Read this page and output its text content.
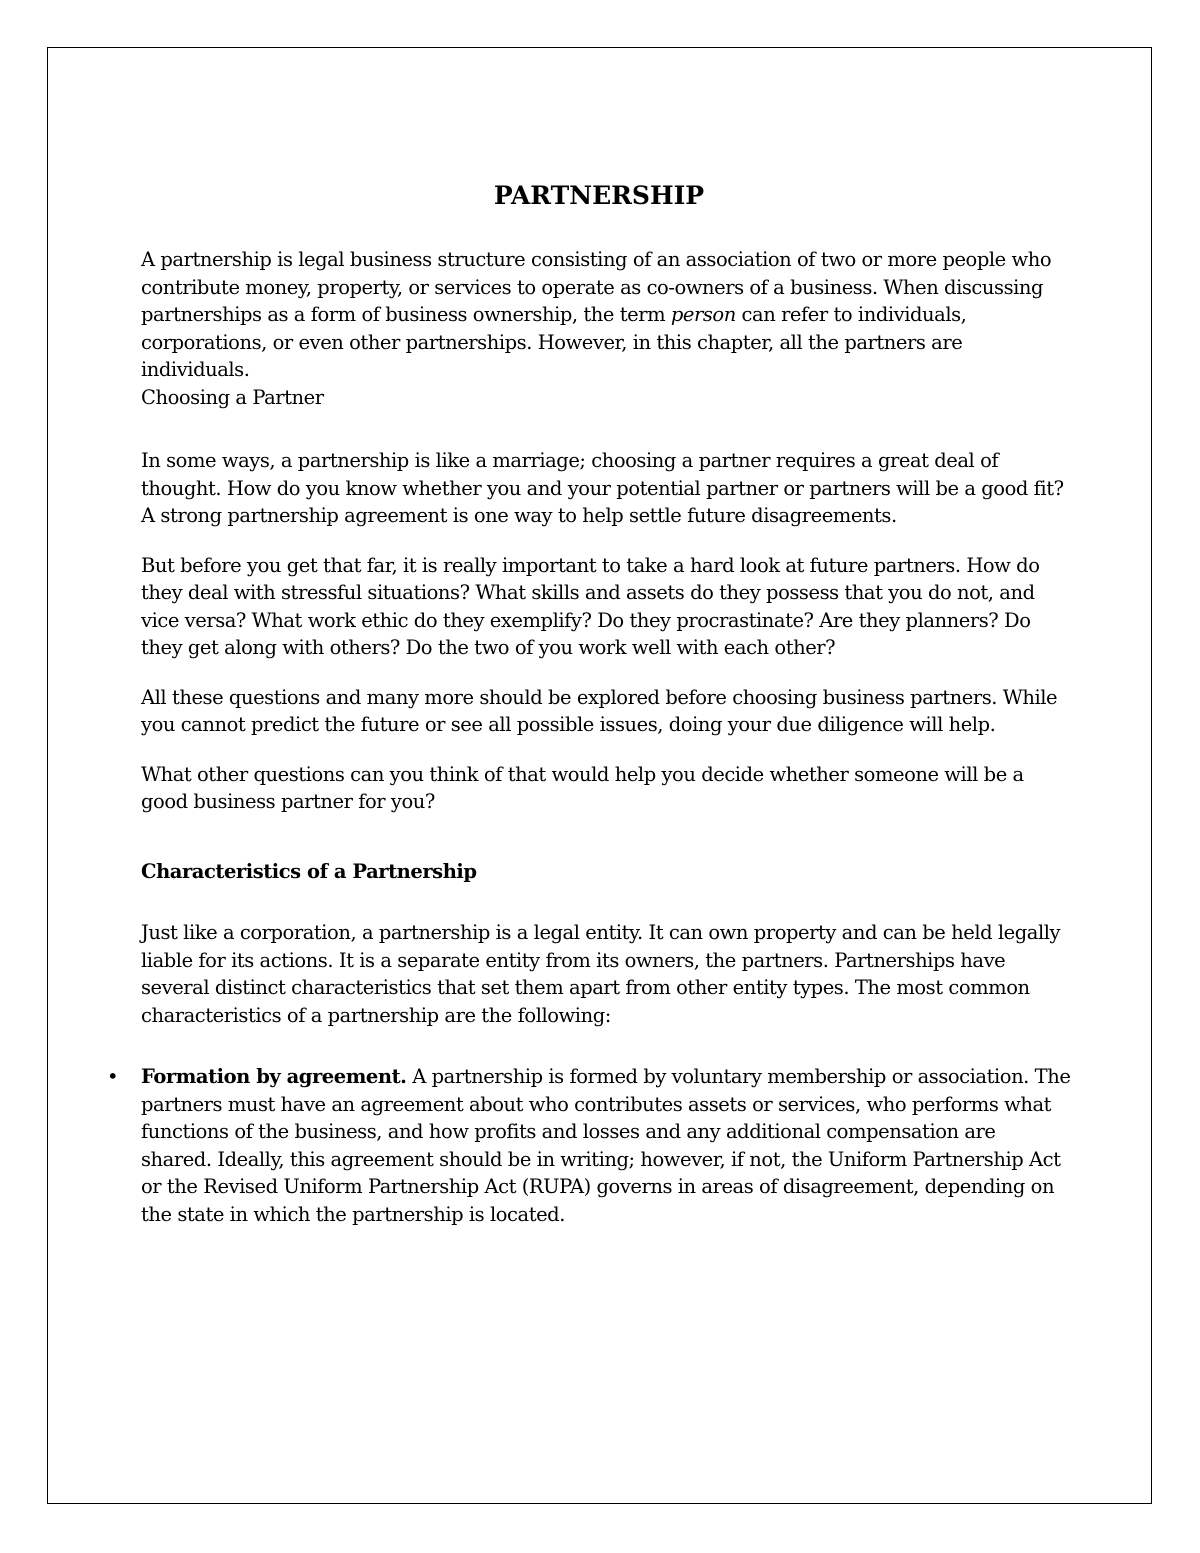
PARTNERSHIP

A partnership is legal business structure consisting of an association of two or more people who contribute money, property, or services to operate as co-owners of a business. When discussing partnerships as a form of business ownership, the term person can refer to individuals, corporations, or even other partnerships. However, in this chapter, all the partners are individuals.

Choosing a Partner

In some ways, a partnership is like a marriage; choosing a partner requires a great deal of thought. How do you know whether you and your potential partner or partners will be a good fit? A strong partnership agreement is one way to help settle future disagreements.

But before you get that far, it is really important to take a hard look at future partners. How do they deal with stressful situations? What skills and assets do they possess that you do not, and vice versa? What work ethic do they exemplify? Do they procrastinate? Are they planners? Do they get along with others? Do the two of you work well with each other?

All these questions and many more should be explored before choosing business partners. While you cannot predict the future or see all possible issues, doing your due diligence will help.

What other questions can you think of that would help you decide whether someone will be a good business partner for you?

Characteristics of a Partnership

Just like a corporation, a partnership is a legal entity. It can own property and can be held legally liable for its actions. It is a separate entity from its owners, the partners. Partnerships have several distinct characteristics that set them apart from other entity types. The most common characteristics of a partnership are the following:

• Formation by agreement. A partnership is formed by voluntary membership or association. The partners must have an agreement about who contributes assets or services, who performs what functions of the business, and how profits and losses and any additional compensation are shared. Ideally, this agreement should be in writing; however, if not, the Uniform Partnership Act or the Revised Uniform Partnership Act (RUPA) governs in areas of disagreement, depending on the state in which the partnership is located.
